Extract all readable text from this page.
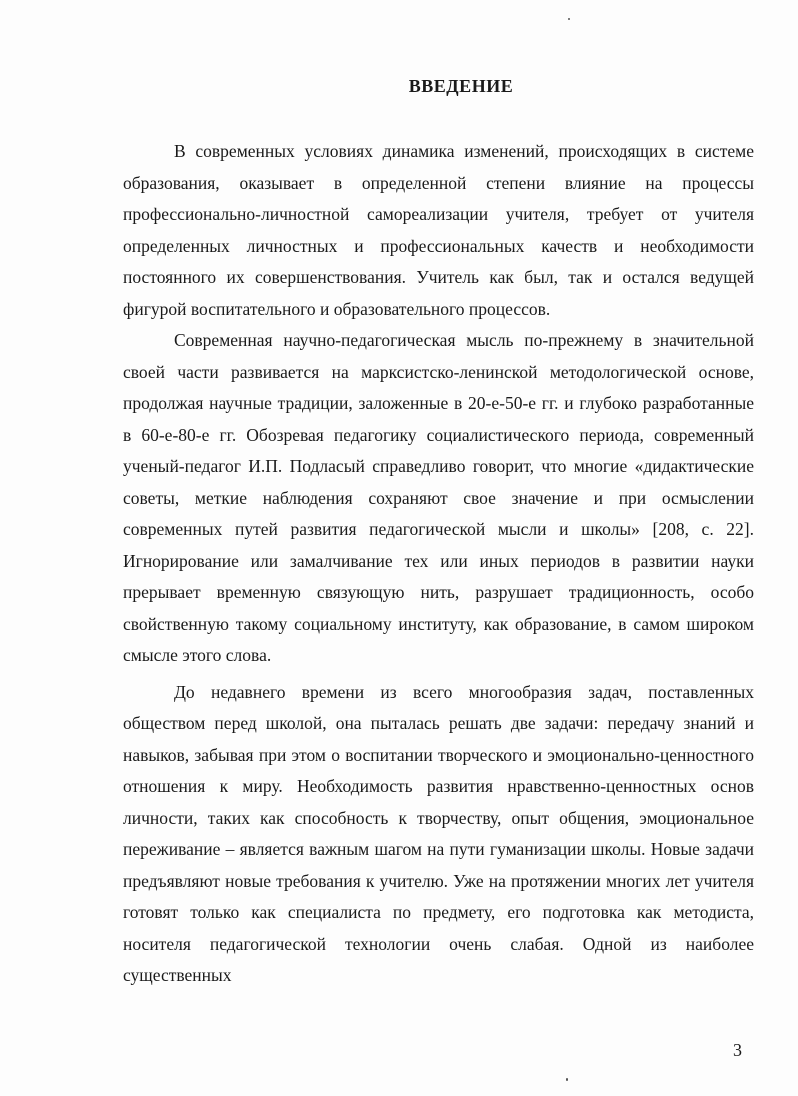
ВВЕДЕНИЕ

В современных условиях динамика изменений, происходящих в системе образования, оказывает в определенной степени влияние на процессы профессионально-личностной самореализации учителя, требует от учителя определенных личностных и профессиональных качеств и необходимости постоянного их совершенствования. Учитель как был, так и остался ведущей фигурой воспитательного и образовательного процессов.

Современная научно-педагогическая мысль по-прежнему в значительной своей части развивается на марксистско-ленинской методологической основе, продолжая научные традиции, заложенные в 20-е-50-е гг. и глубоко разработанные в 60-е-80-е гг. Обозревая педагогику социалистического периода, современный ученый-педагог И.П. Подласый справедливо говорит, что многие «дидактические советы, меткие наблюдения сохраняют свое значение и при осмыслении современных путей развития педагогической мысли и школы» [208, с. 22]. Игнорирование или замалчивание тех или иных периодов в развитии науки прерывает временную связующую нить, разрушает традиционность, особо свойственную такому социальному институту, как образование, в самом широком смысле этого слова.

До недавнего времени из всего многообразия задач, поставленных обществом перед школой, она пыталась решать две задачи: передачу знаний и навыков, забывая при этом о воспитании творческого и эмоционально-ценностного отношения к миру. Необходимость развития нравственно-ценностных основ личности, таких как способность к творчеству, опыт общения, эмоциональное переживание – является важным шагом на пути гуманизации школы. Новые задачи предъявляют новые требования к учителю. Уже на протяжении многих лет учителя готовят только как специалиста по предмету, его подготовка как методиста, носителя педагогической технологии очень слабая. Одной из наиболее существенных

3
